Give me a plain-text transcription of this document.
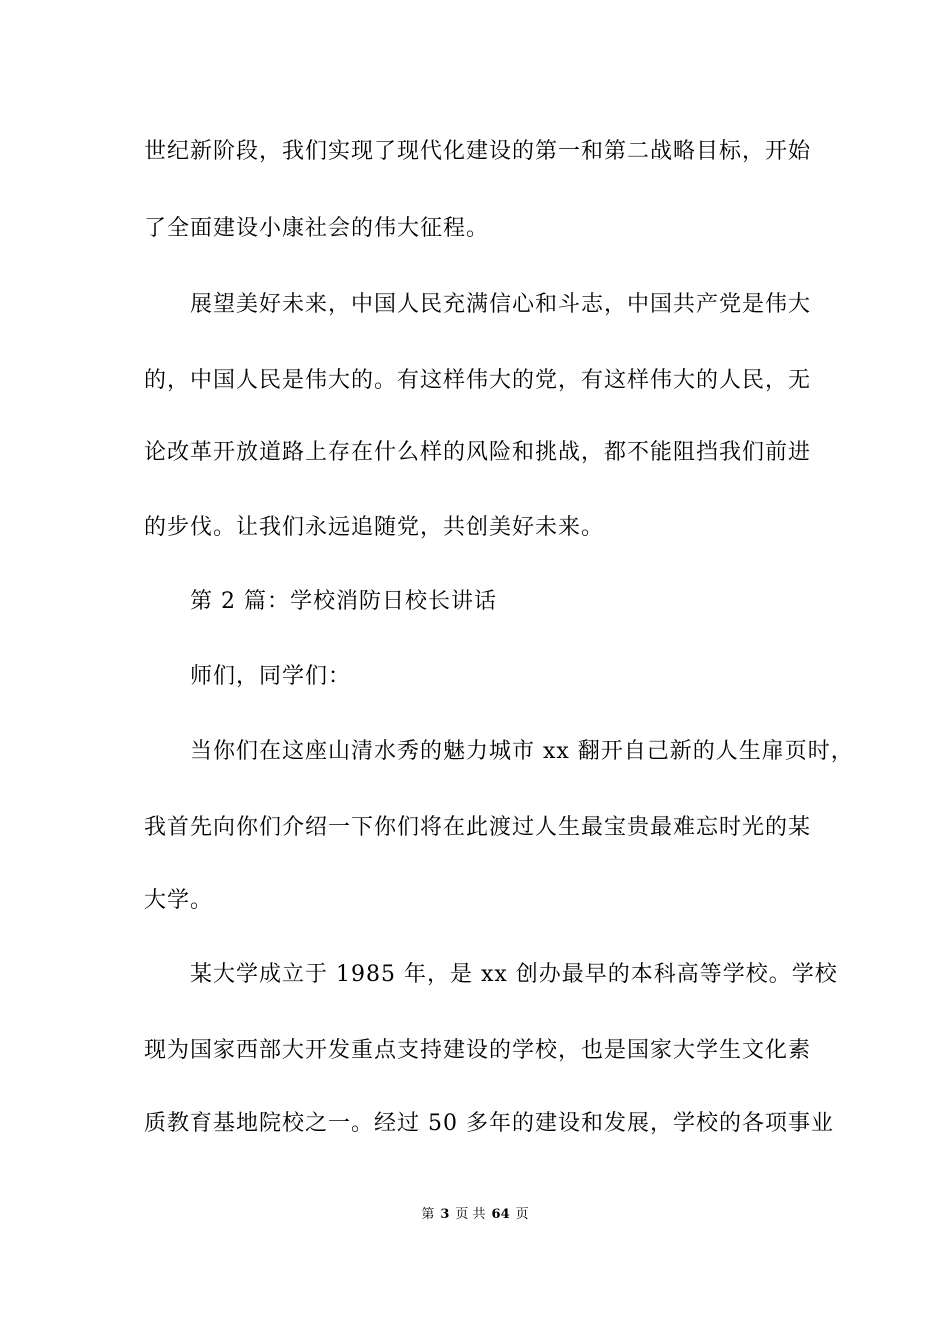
世纪新阶段，我们实现了现代化建设的第一和第二战略目标，开始
了全面建设小康社会的伟大征程。
展望美好未来，中国人民充满信心和斗志，中国共产党是伟大
的，中国人民是伟大的。有这样伟大的党，有这样伟大的人民，无
论改革开放道路上存在什么样的风险和挑战，都不能阻挡我们前进
的步伐。让我们永远追随党，共创美好未来。
第 2 篇：学校消防日校长讲话
师们，同学们：
当你们在这座山清水秀的魅力城市 xx 翻开自己新的人生扉页时，
我首先向你们介绍一下你们将在此渡过人生最宝贵最难忘时光的某
大学。
某大学成立于 1985 年，是 xx 创办最早的本科高等学校。学校
现为国家西部大开发重点支持建设的学校，也是国家大学生文化素
质教育基地院校之一。经过 50 多年的建设和发展，学校的各项事业
第 3 页 共 64 页
